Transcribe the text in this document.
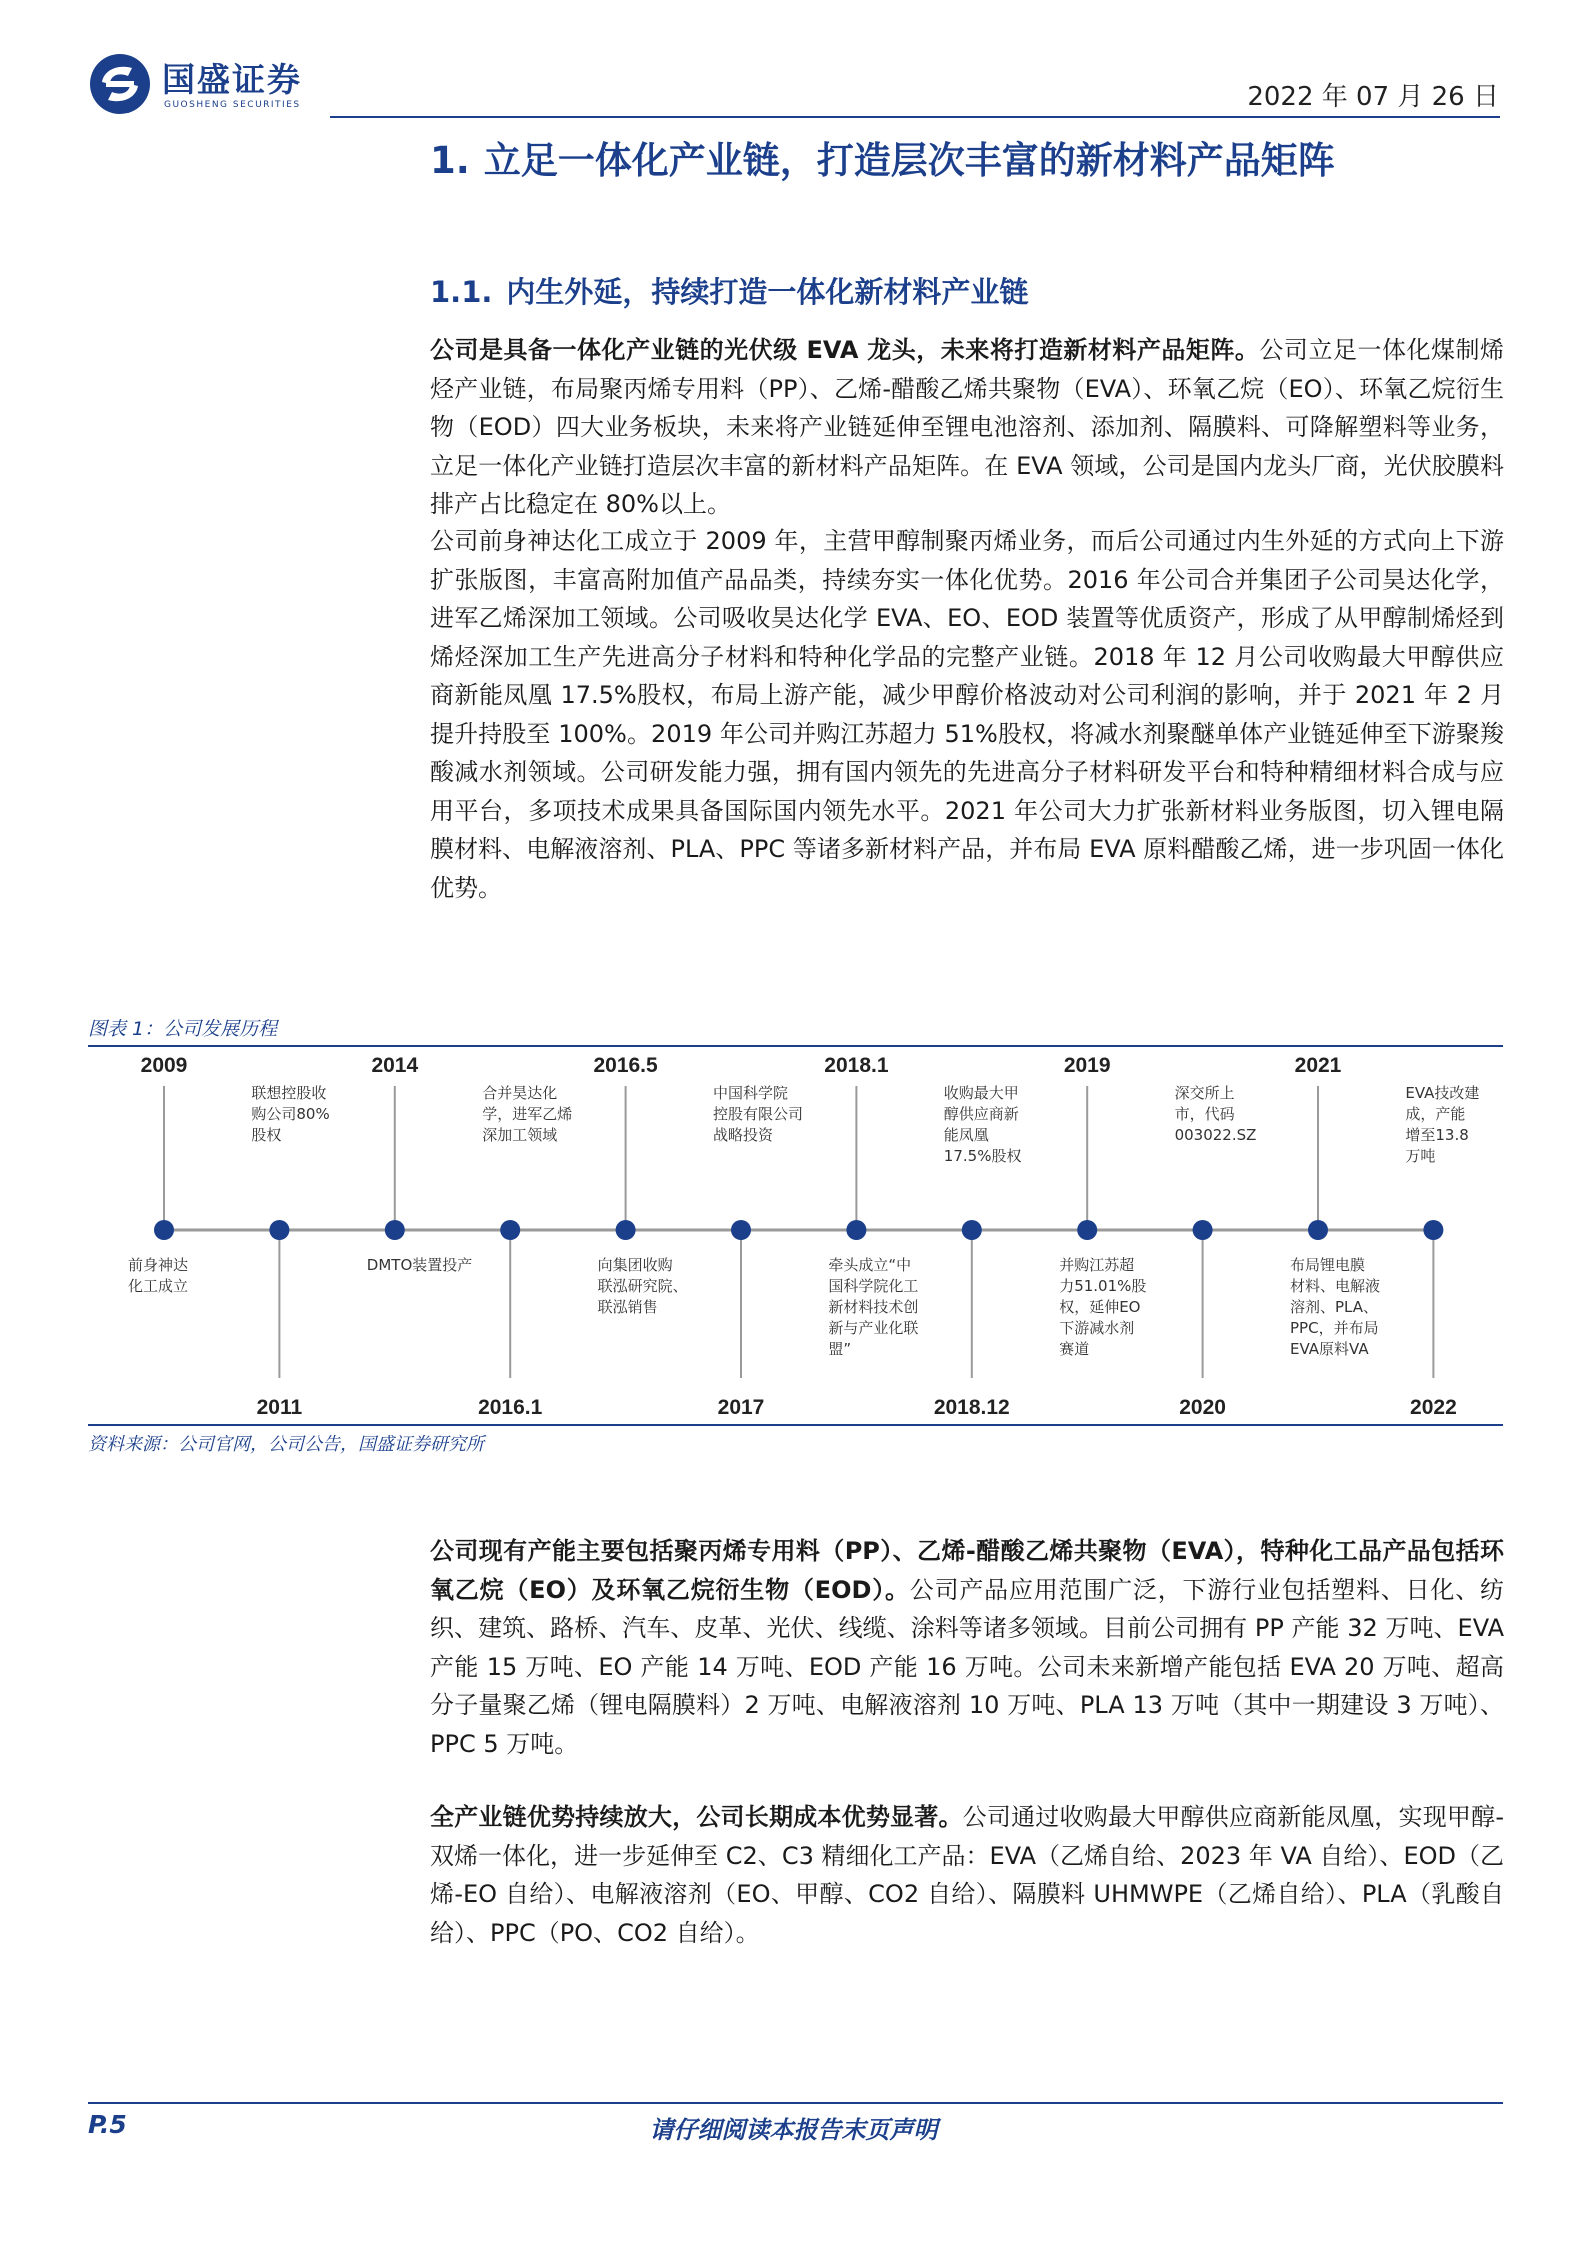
国盛证券
GUOSHENG SECURITIES	2022 年 07 月 26 日
1. 立足一体化产业链，打造层次丰富的新材料产品矩阵
1.1. 内生外延，持续打造一体化新材料产业链
公司是具备一体化产业链的光伏级 EVA 龙头，未来将打造新材料产品矩阵。公司立足一体化煤制烯烃产业链，布局聚丙烯专用料（PP）、乙烯-醋酸乙烯共聚物（EVA）、环氧乙烷（EO）、环氧乙烷衍生物（EOD）四大业务板块，未来将产业链延伸至锂电池溶剂、添加剂、隔膜料、可降解塑料等业务，立足一体化产业链打造层次丰富的新材料产品矩阵。在 EVA 领域，公司是国内龙头厂商，光伏胶膜料排产占比稳定在 80%以上。
公司前身神达化工成立于 2009 年，主营甲醇制聚丙烯业务，而后公司通过内生外延的方式向上下游扩张版图，丰富高附加值产品品类，持续夯实一体化优势。2016 年公司合并集团子公司昊达化学，进军乙烯深加工领域。公司吸收昊达化学 EVA、EO、EOD 装置等优质资产，形成了从甲醇制烯烃到烯烃深加工生产先进高分子材料和特种化学品的完整产业链。2018 年 12 月公司收购最大甲醇供应商新能凤凰 17.5%股权，布局上游产能，减少甲醇价格波动对公司利润的影响，并于 2021 年 2 月提升持股至 100%。2019 年公司并购江苏超力 51%股权，将减水剂聚醚单体产业链延伸至下游聚羧酸减水剂领域。公司研发能力强，拥有国内领先的先进高分子材料研发平台和特种精细材料合成与应用平台，多项技术成果具备国际国内领先水平。2021 年公司大力扩张新材料业务版图，切入锂电隔膜材料、电解液溶剂、PLA、PPC 等诸多新材料产品，并布局 EVA 原料醋酸乙烯，进一步巩固一体化优势。
图表 1：公司发展历程
2009
前身神达
化工成立
2011
联想控股收
购公司80%
股权
2014
DMTO装置投产
2016.1
合并昊达化
学，进军乙烯
深加工领域
2016.5
向集团收购
联泓研究院、
联泓销售
2017
中国科学院
控股有限公司
战略投资
2018.1
牵头成立“中
国科学院化工
新材料技术创
新与产业化联
盟”
2018.12
收购最大甲
醇供应商新
能凤凰
17.5%股权
2019
并购江苏超
力51.01%股
权，延伸EO
下游减水剂
赛道
2020
深交所上
市，代码
003022.SZ
2021
布局锂电膜
材料、电解液
溶剂、PLA、
PPC，并布局
EVA原料VA
2022
EVA技改建
成，产能
增至13.8
万吨
资料来源：公司官网，公司公告，国盛证券研究所
公司现有产能主要包括聚丙烯专用料（PP）、乙烯-醋酸乙烯共聚物（EVA），特种化工品产品包括环氧乙烷（EO）及环氧乙烷衍生物（EOD）。公司产品应用范围广泛，下游行业包括塑料、日化、纺织、建筑、路桥、汽车、皮革、光伏、线缆、涂料等诸多领域。目前公司拥有 PP 产能 32 万吨、EVA 产能 15 万吨、EO 产能 14 万吨、EOD 产能 16 万吨。公司未来新增产能包括 EVA 20 万吨、超高分子量聚乙烯（锂电隔膜料）2 万吨、电解液溶剂 10 万吨、PLA 13 万吨（其中一期建设 3 万吨）、PPC 5 万吨。
全产业链优势持续放大，公司长期成本优势显著。公司通过收购最大甲醇供应商新能凤凰，实现甲醇-双烯一体化，进一步延伸至 C2、C3 精细化工产品：EVA（乙烯自给、2023 年 VA 自给）、EOD（乙烯-EO 自给）、电解液溶剂（EO、甲醇、CO2 自给）、隔膜料 UHMWPE（乙烯自给）、PLA（乳酸自给）、PPC（PO、CO2 自给）。
P.5	请仔细阅读本报告末页声明
